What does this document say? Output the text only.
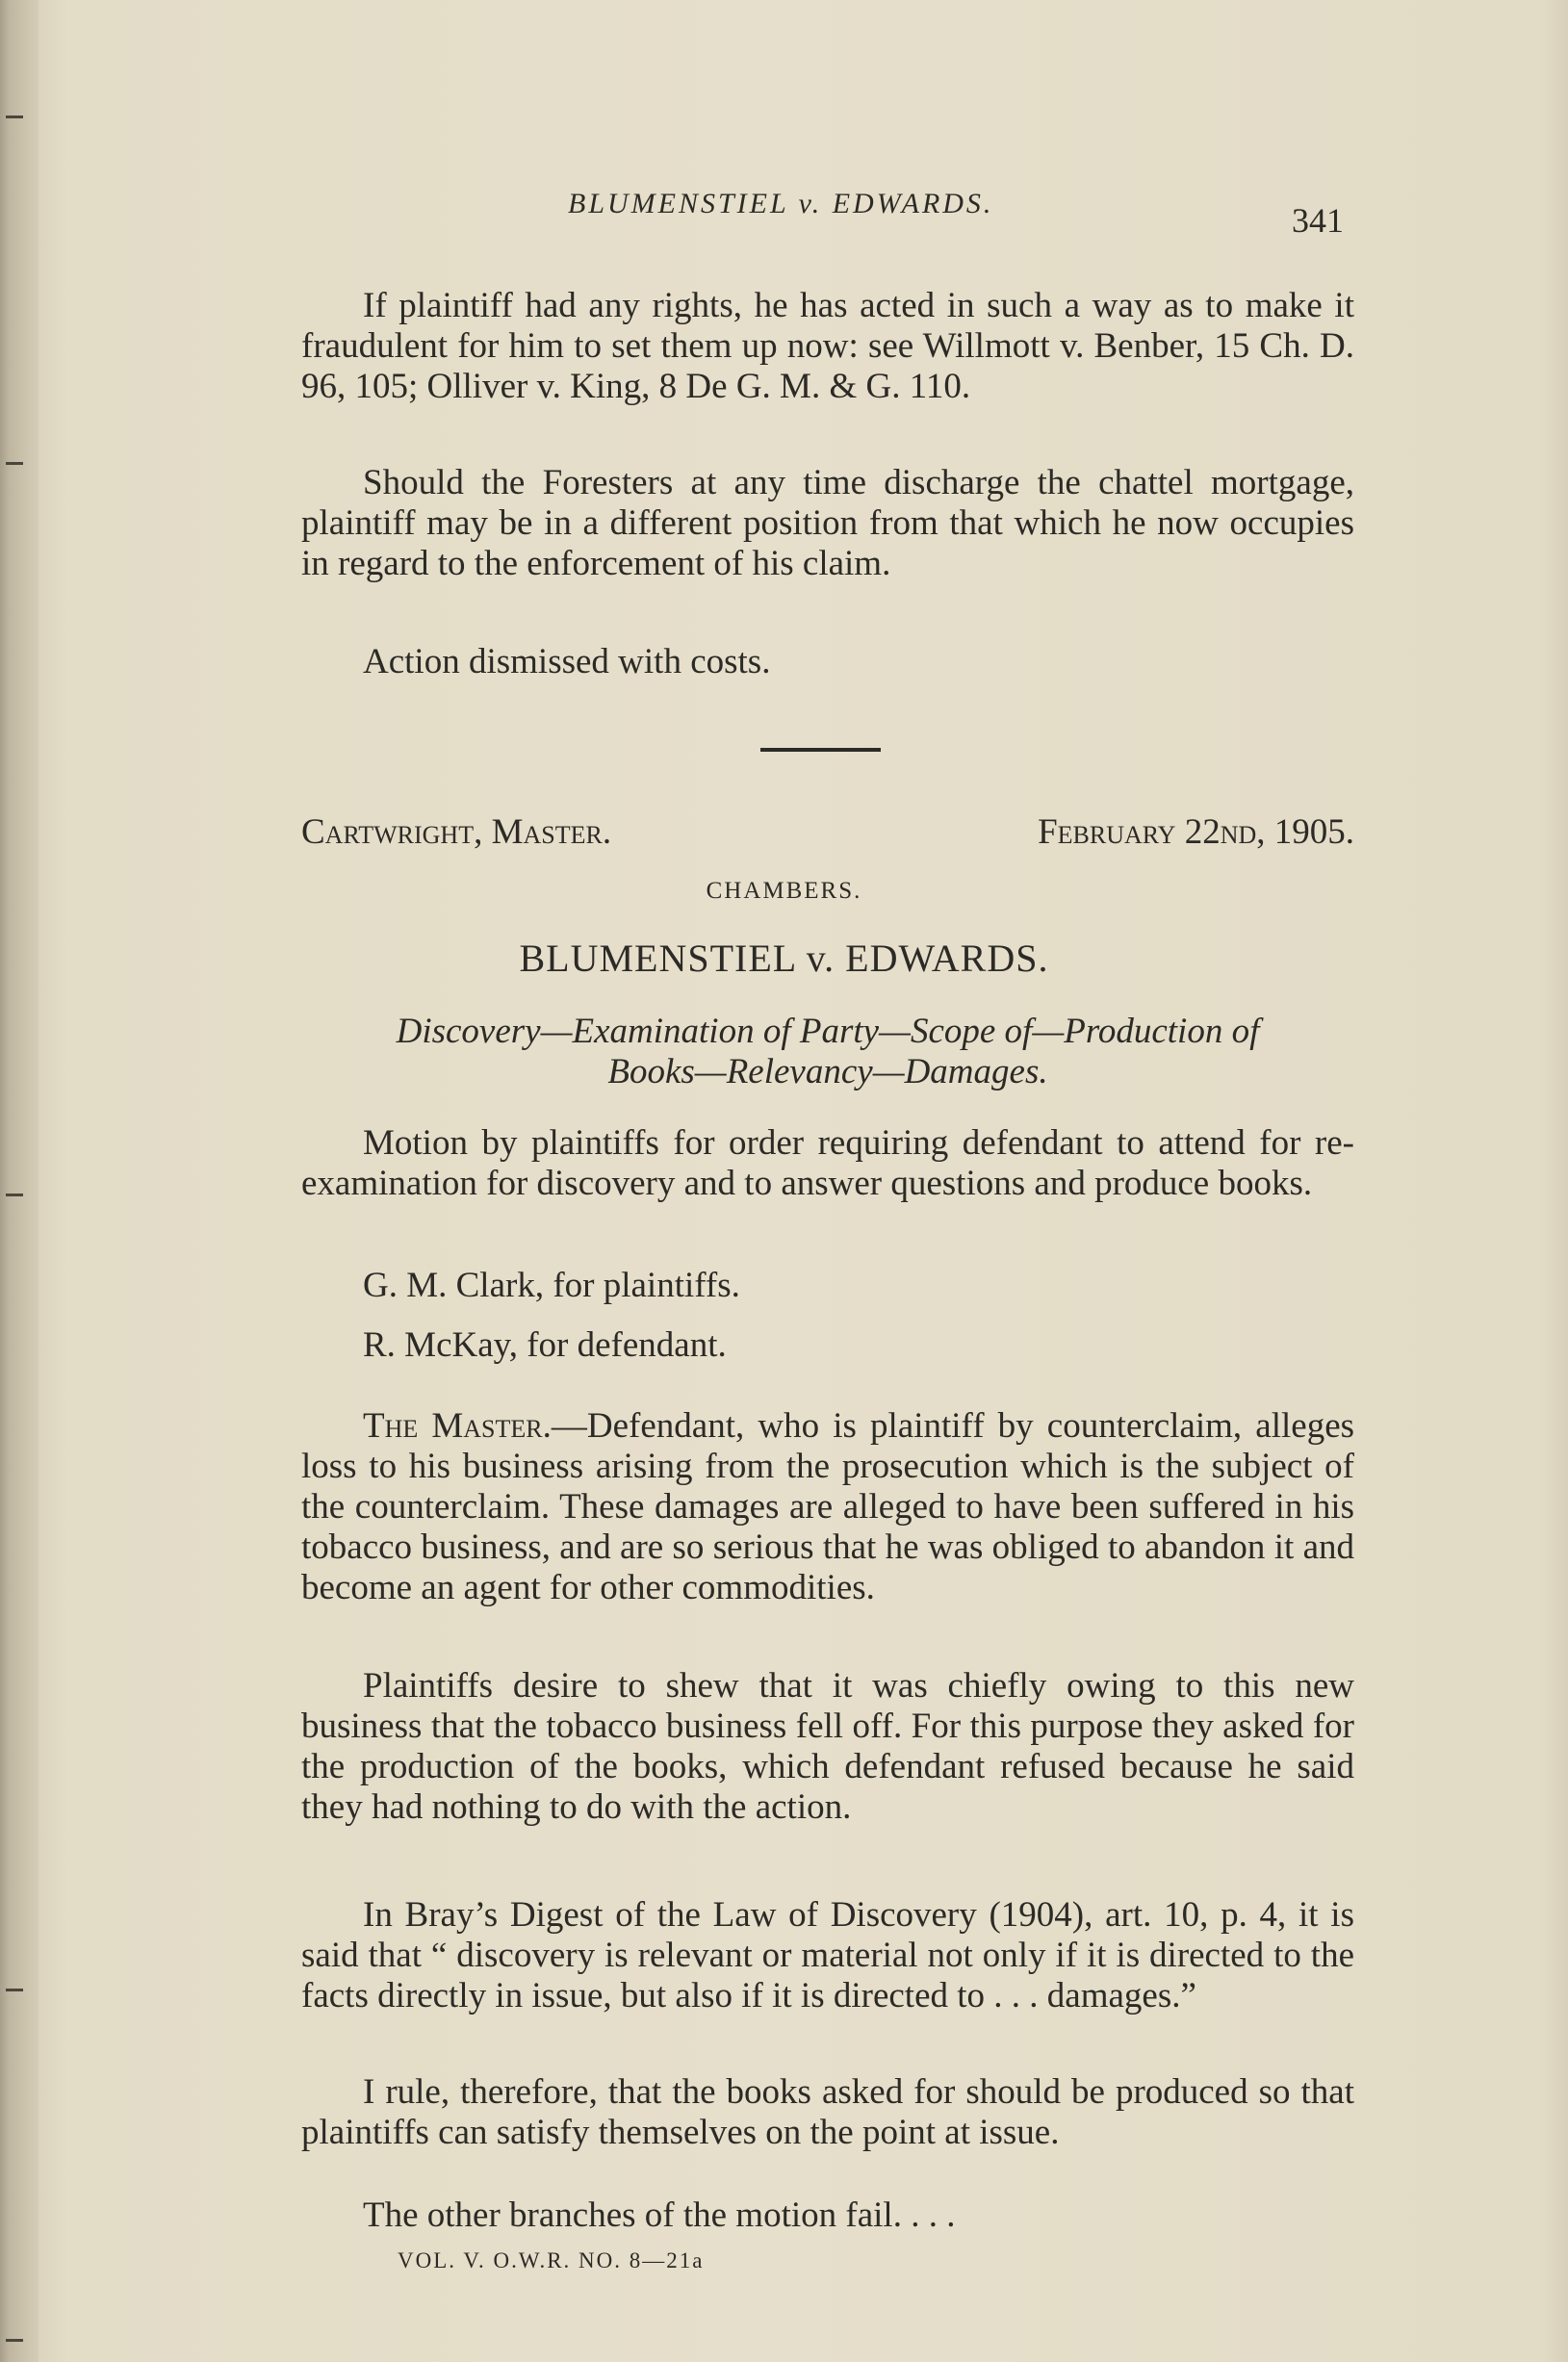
BLUMENSTIEL v. EDWARDS.	341
If plaintiff had any rights, he has acted in such a way as to make it fraudulent for him to set them up now: see Willmott v. Benber, 15 Ch. D. 96, 105; Olliver v. King, 8 De G. M. & G. 110.
Should the Foresters at any time discharge the chattel mortgage, plaintiff may be in a different position from that which he now occupies in regard to the enforcement of his claim.
Action dismissed with costs.
Cartwright, Master.	February 22nd, 1905.
CHAMBERS.
BLUMENSTIEL v. EDWARDS.
Discovery—Examination of Party—Scope of—Production of
Books—Relevancy—Damages.
Motion by plaintiffs for order requiring defendant to attend for re-examination for discovery and to answer questions and produce books.
G. M. Clark, for plaintiffs.
R. McKay, for defendant.
The Master.—Defendant, who is plaintiff by counterclaim, alleges loss to his business arising from the prosecution which is the subject of the counterclaim. These damages are alleged to have been suffered in his tobacco business, and are so serious that he was obliged to abandon it and become an agent for other commodities.
Plaintiffs desire to shew that it was chiefly owing to this new business that the tobacco business fell off. For this purpose they asked for the production of the books, which defendant refused because he said they had nothing to do with the action.
In Bray’s Digest of the Law of Discovery (1904), art. 10, p. 4, it is said that “ discovery is relevant or material not only if it is directed to the facts directly in issue, but also if it is directed to . . . damages.”
I rule, therefore, that the books asked for should be produced so that plaintiffs can satisfy themselves on the point at issue.
The other branches of the motion fail. . . .
VOL. V. O.W.R. NO. 8—21a
